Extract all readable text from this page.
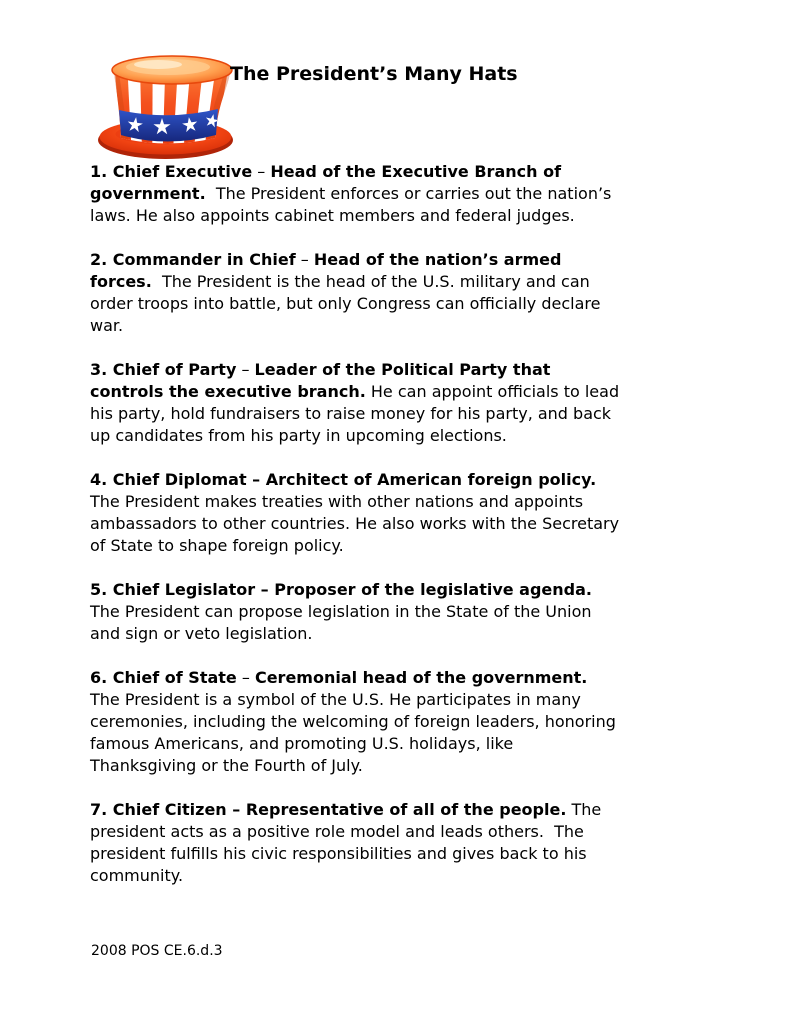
The President’s Many Hats
1. Chief Executive – Head of the Executive Branch of
government.  The President enforces or carries out the nation’s
laws. He also appoints cabinet members and federal judges.
2. Commander in Chief – Head of the nation’s armed
forces.  The President is the head of the U.S. military and can
order troops into battle, but only Congress can officially declare
war.
3. Chief of Party – Leader of the Political Party that
controls the executive branch. He can appoint officials to lead
his party, hold fundraisers to raise money for his party, and back
up candidates from his party in upcoming elections.
4. Chief Diplomat – Architect of American foreign policy.
The President makes treaties with other nations and appoints
ambassadors to other countries. He also works with the Secretary
of State to shape foreign policy.
5. Chief Legislator – Proposer of the legislative agenda.
The President can propose legislation in the State of the Union
and sign or veto legislation.
6. Chief of State – Ceremonial head of the government.
The President is a symbol of the U.S. He participates in many
ceremonies, including the welcoming of foreign leaders, honoring
famous Americans, and promoting U.S. holidays, like
Thanksgiving or the Fourth of July.
7. Chief Citizen – Representative of all of the people. The
president acts as a positive role model and leads others.  The
president fulfills his civic responsibilities and gives back to his
community.
2008 POS CE.6.d.3
